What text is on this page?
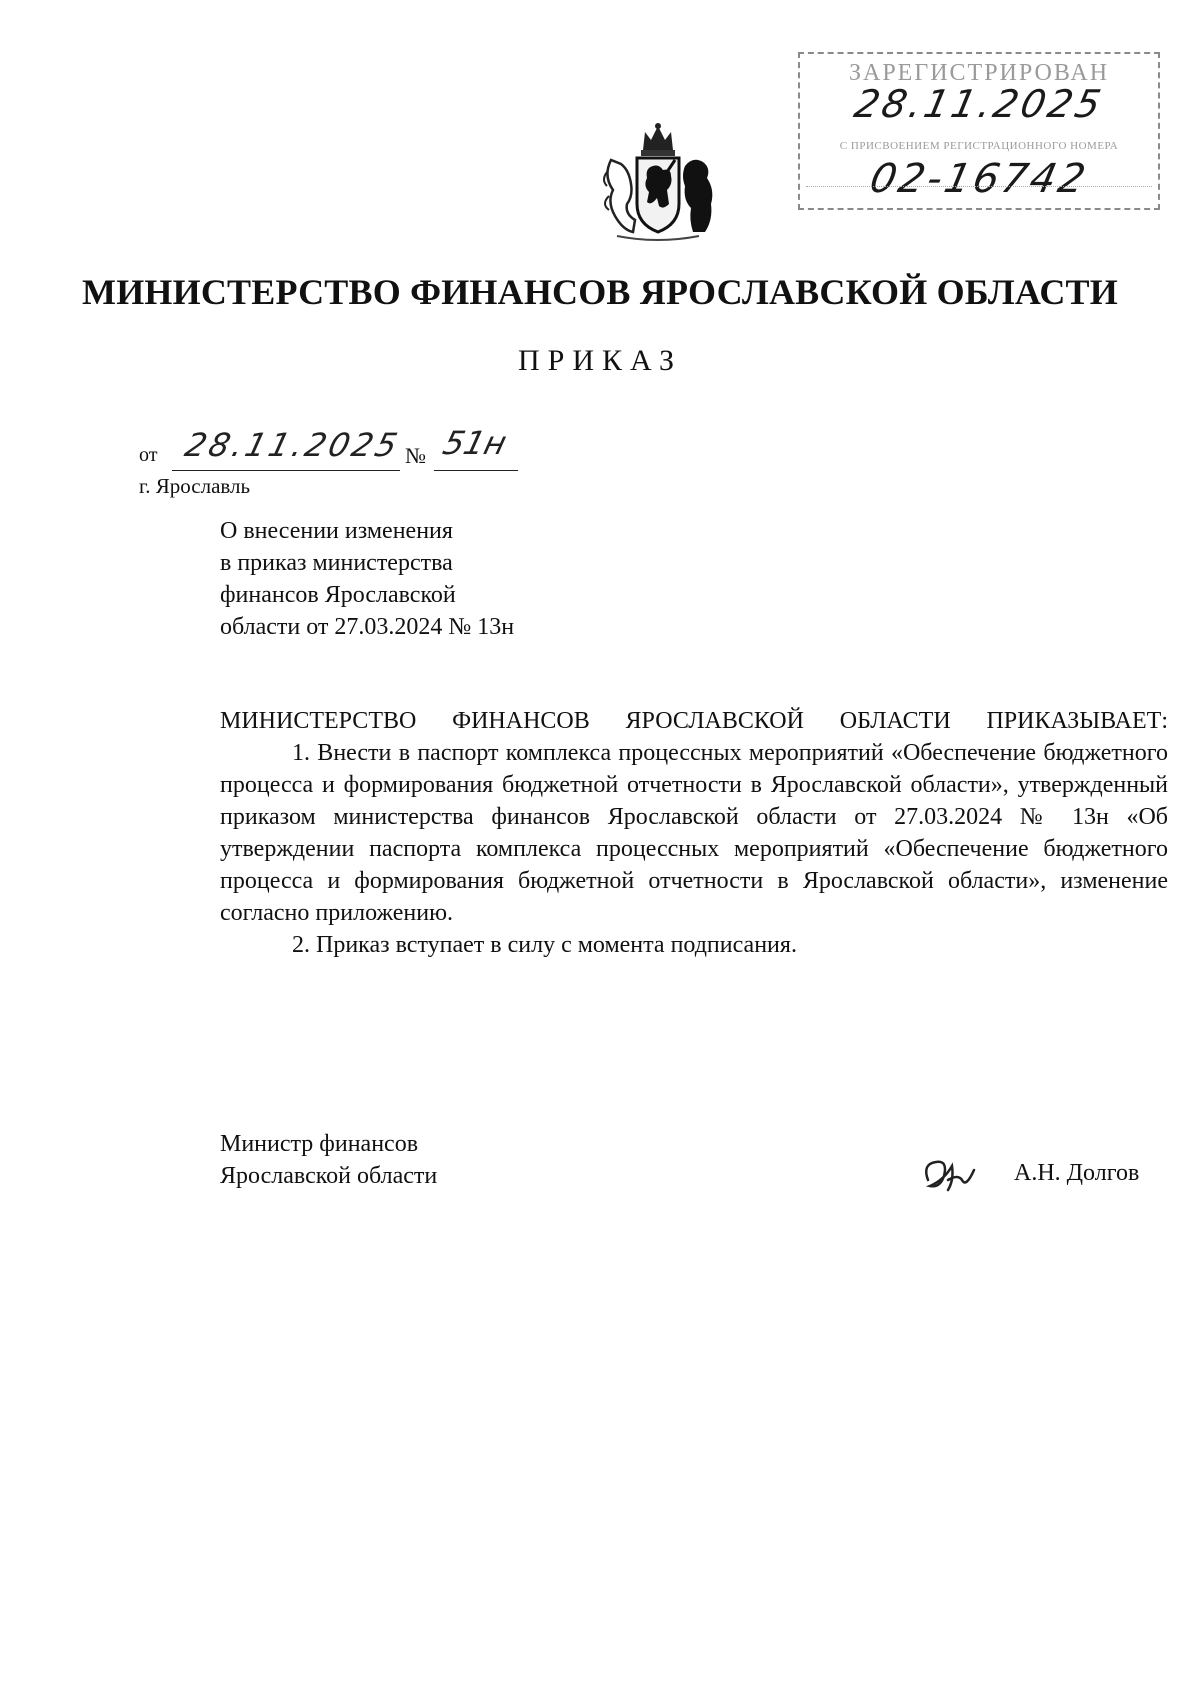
ЗАРЕГИСТРИРОВАН
28.11.2025
С ПРИСВОЕНИЕМ РЕГИСТРАЦИОННОГО НОМЕРА
02-16742
МИНИСТЕРСТВО ФИНАНСОВ ЯРОСЛАВСКОЙ ОБЛАСТИ
ПРИКАЗ
от 28.11.2025 № 51н
г. Ярославль
О внесении изменения
в приказ министерства
финансов Ярославской
области от 27.03.2024 № 13н

МИНИСТЕРСТВО ФИНАНСОВ ЯРОСЛАВСКОЙ ОБЛАСТИ ПРИКАЗЫВАЕТ:

1. Внести в паспорт комплекса процессных мероприятий «Обеспечение бюджетного процесса и формирования бюджетной отчетности в Ярославской области», утвержденный приказом министерства финансов Ярославской области от 27.03.2024 № 13н «Об утверждении паспорта комплекса процессных мероприятий «Обеспечение бюджетного процесса и формирования бюджетной отчетности в Ярославской области», изменение согласно приложению.

2. Приказ вступает в силу с момента подписания.

Министр финансов
Ярославской области	А.Н. Долгов
